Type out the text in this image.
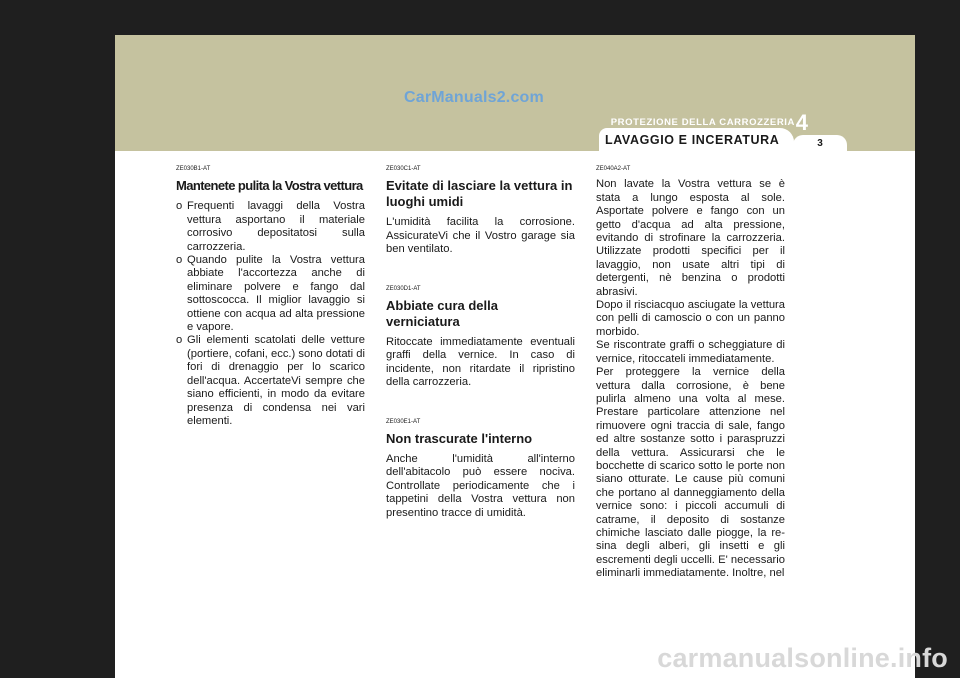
CarManuals2.com
PROTEZIONE DELLA CARROZZERIA 4
LAVAGGIO E INCERATURA	3
ZE030B1-AT
Mantenete pulita la Vostra vettura
o Frequenti lavaggi della Vostra vettura asportano il materiale corrosivo depositatosi sulla carrozzeria.
o Quando pulite la Vostra vettura abbiate l'accortezza anche di eliminare polvere e fango dal sottoscocca. Il miglior lavaggio si ottiene con acqua ad alta pressione e vapore.
o Gli elementi scatolati delle vetture (portiere, cofani, ecc.) sono dotati di fori di drenaggio per lo scarico dell'acqua. AccertateVi sempre che siano efficienti, in modo da evitare presenza di condensa nei vari elementi.
ZE030C1-AT
Evitate di lasciare la vettura in luoghi umidi

L'umidità facilita la corrosione. AssicurateVi che il Vostro garage sia ben ventilato.

ZE030D1-AT
Abbiate cura della verniciatura

Ritoccate immediatamente eventuali graffi della vernice. In caso di incidente, non ritardate il ripristino della carrozzeria.

ZE030E1-AT
Non trascurate l'interno

Anche l'umidità all'interno dell'abitacolo può essere nociva. Controllate periodicamente che i tappetini della Vostra vettura non presentino tracce di umidità.

ZE040A2-AT

Non lavate la Vostra vettura se è stata a lungo esposta al sole. Asportate polvere e fango con un getto d'acqua ad alta pressione, evitando di strofinare la carrozzeria. Utilizzate prodotti specifici per il lavaggio, non usate altri tipi di detergenti, nè benzina o prodotti abrasivi.

Dopo il risciacquo asciugate la vettura con pelli di camoscio o con un panno morbido.

Se riscontrate graffi o scheggiature di vernice, ritoccateli immediatamente.

Per proteggere la vernice della vettura dalla corrosione, è bene pulirla almeno una volta al mese. Prestare particolare attenzione nel rimuovere ogni traccia di sale, fango ed altre sostanze sotto i paraspruzzi della vettura. Assicurarsi che le bocchette di scarico sotto le porte non siano otturate. Le cause più comuni che portano al danneggiamento della vernice sono: i piccoli accumuli di catrame, il deposito di sostanze chimiche lasciato dalle piogge, la re- sina degli alberi, gli insetti e gli escrementi degli uccelli. E' necessario eliminarli immediatamente. Inoltre, nel

carmanualsonline.info
